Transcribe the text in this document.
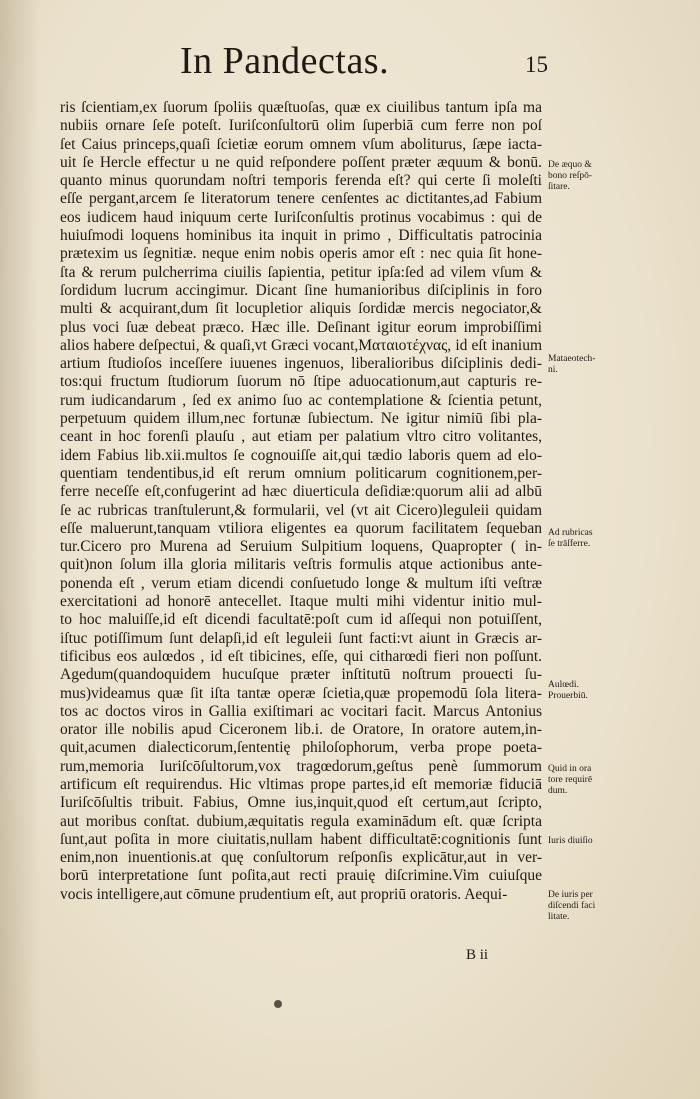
In Pandectas.	15
ris ſcientiam,ex ſuorum ſpoliis quæſtuoſas, quæ ex ciuilibus tantum ipſa ma
nubiis ornare ſeſe poteſt. Iuriſconſultorū olim ſuperbiā cum ferre non poſ
ſet Caius princeps,quaſi ſcietiæ eorum omnem vſum aboliturus, ſæpe iacta-
uit ſe Hercle effectur u ne quid reſpondere poſſent præter æquum & bonū.
quanto minus quorundam noſtri temporis ferenda eſt? qui certe ſi moleſti
eſſe pergant,arcem ſe literatorum tenere cenſentes ac dictitantes,ad Fabium
eos iudicem haud iniquum certe Iuriſconſultis protinus vocabimus : qui de
huiuſmodi loquens hominibus ita inquit in primo , Difficultatis patrocinia
prætexim us ſegnitiæ. neque enim nobis operis amor eſt : nec quia ſit hone-
ſta & rerum pulcherrima ciuilis ſapientia, petitur ipſa:ſed ad vilem vſum &
ſordidum lucrum accingimur. Dicant ſine humanioribus diſciplinis in foro
multi & acquirant,dum ſit locupletior aliquis ſordidæ mercis negociator,&
plus voci ſuæ debeat præco. Hæc ille. Deſinant igitur eorum improbiſſimi
alios habere deſpectui, & quaſi,vt Græci vocant,Ματαιοτέχνας, id eſt inanium
artium ſtudioſos inceſſere iuuenes ingenuos, liberalioribus diſciplinis dedi-
tos:qui fructum ſtudiorum ſuorum nō ſtipe aduocationum,aut capturis re-
rum iudicandarum , ſed ex animo ſuo ac contemplatione & ſcientia petunt,
perpetuum quidem illum,nec fortunæ ſubiectum. Ne igitur nimiū ſibi pla-
ceant in hoc forenſi plauſu , aut etiam per palatium vltro citro volitantes,
idem Fabius lib.xii.multos ſe cognouiſſe ait,qui tædio laboris quem ad elo-
quentiam tendentibus,id eſt rerum omnium politicarum cognitionem,per-
ferre neceſſe eſt,confugerint ad hæc diuerticula deſidiæ:quorum alii ad albū
ſe ac rubricas tranſtulerunt,& formularii, vel (vt ait Cicero)leguleii quidam
eſſe maluerunt,tanquam vtiliora eligentes ea quorum facilitatem ſequeban
tur.Cicero pro Murena ad Seruium Sulpitium loquens, Quapropter ( in-
quit)non ſolum illa gloria militaris veſtris formulis atque actionibus ante-
ponenda eſt , verum etiam dicendi conſuetudo longe & multum iſti veſtræ
exercitationi ad honorē antecellet. Itaque multi mihi videntur initio mul-
to hoc maluiſſe,id eſt dicendi facultatē:poſt cum id aſſequi non potuiſſent,
iſtuc potiſſimum ſunt delapſi,id eſt leguleii ſunt facti:vt aiunt in Græcis ar-
tificibus eos aulœdos , id eſt tibicines, eſſe, qui citharœdi fieri non poſſunt.
Agedum(quandoquidem hucuſque præter inſtitutū noſtrum prouecti ſu-
mus)videamus quæ ſit iſta tantæ operæ ſcietia,quæ propemodū ſola litera-
tos ac doctos viros in Gallia exiſtimari ac vocitari facit. Marcus Antonius
orator ille nobilis apud Ciceronem lib.i. de Oratore, In oratore autem,in-
quit,acumen dialecticorum,ſententię philoſophorum, verba prope poeta-
rum,memoria Iuriſcōſultorum,vox tragœdorum,geſtus penè ſummorum
artificum eſt requirendus. Hic vltimas prope partes,id eſt memoriæ fiduciā
Iuriſcōſultis tribuit. Fabius, Omne ius,inquit,quod eſt certum,aut ſcripto,
aut moribus conſtat. dubium,æquitatis regula examinādum eſt. quæ ſcripta
ſunt,aut poſita in more ciuitatis,nullam habent difficultatē:cognitionis ſunt
enim,non inuentionis.at quę conſultorum reſponſis explicātur,aut in ver-
borū interpretatione ſunt poſita,aut recti prauię diſcrimine.Vim cuiuſque
vocis intelligere,aut cōmune prudentium eſt, aut propriū oratoris. Aequi-
B ii
De æquo &
bono reſpō-
ſitare.
Mataeotech-
ni.
Ad rubricas
ſe trāſferre.
Aulœdi.
Prouerbiū.
Quid in ora
tore requirē
dum.
Iuris diuiſio
De iuris per
diſcendi faci
litate.
